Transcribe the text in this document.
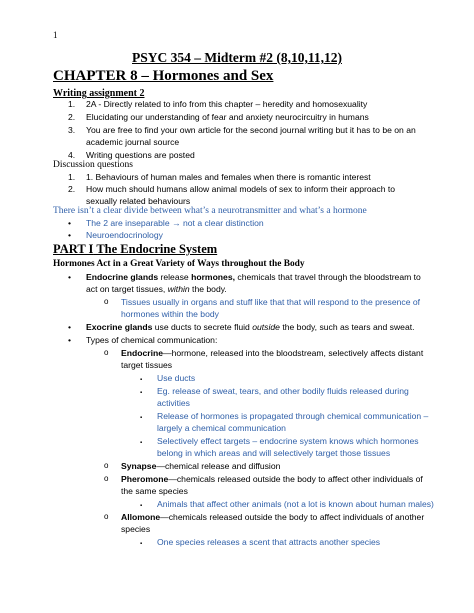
1
PSYC 354 – Midterm #2 (8,10,11,12)
CHAPTER 8 – Hormones and Sex
Writing assignment 2
1. 2A - Directly related to info from this chapter – heredity and homosexuality
2. Elucidating our understanding of fear and anxiety neurocircuitry in humans
3. You are free to find your own article for the second journal writing but it has to be on an
academic journal source
4. Writing questions are posted
Discussion questions
1. 1. Behaviours of human males and females when there is romantic interest
2. How much should humans allow animal models of sex to inform their approach to
sexually related behaviours
There isn’t a clear divide between what’s a neurotransmitter and what’s a hormone
• The 2 are inseparable → not a clear distinction
• Neuroendocrinology
PART I The Endocrine System
Hormones Act in a Great Variety of Ways throughout the Body
• Endocrine glands release hormones, chemicals that travel through the bloodstream to
act on target tissues, within the body.
o Tissues usually in organs and stuff like that that will respond to the presence of
hormones within the body
• Exocrine glands use ducts to secrete fluid outside the body, such as tears and sweat.
• Types of chemical communication:
o Endocrine—hormone, released into the bloodstream, selectively affects distant
target tissues
▪ Use ducts
▪ Eg. release of sweat, tears, and other bodily fluids released during
activities
▪ Release of hormones is propagated through chemical communication –
largely a chemical communication
▪ Selectively effect targets – endocrine system knows which hormones
belong in which areas and will selectively target those tissues
o Synapse—chemical release and diffusion
o Pheromone—chemicals released outside the body to affect other individuals of
the same species
▪ Animals that affect other animals (not a lot is known about human males)
o Allomone—chemicals released outside the body to affect individuals of another
species
▪ One species releases a scent that attracts another species
